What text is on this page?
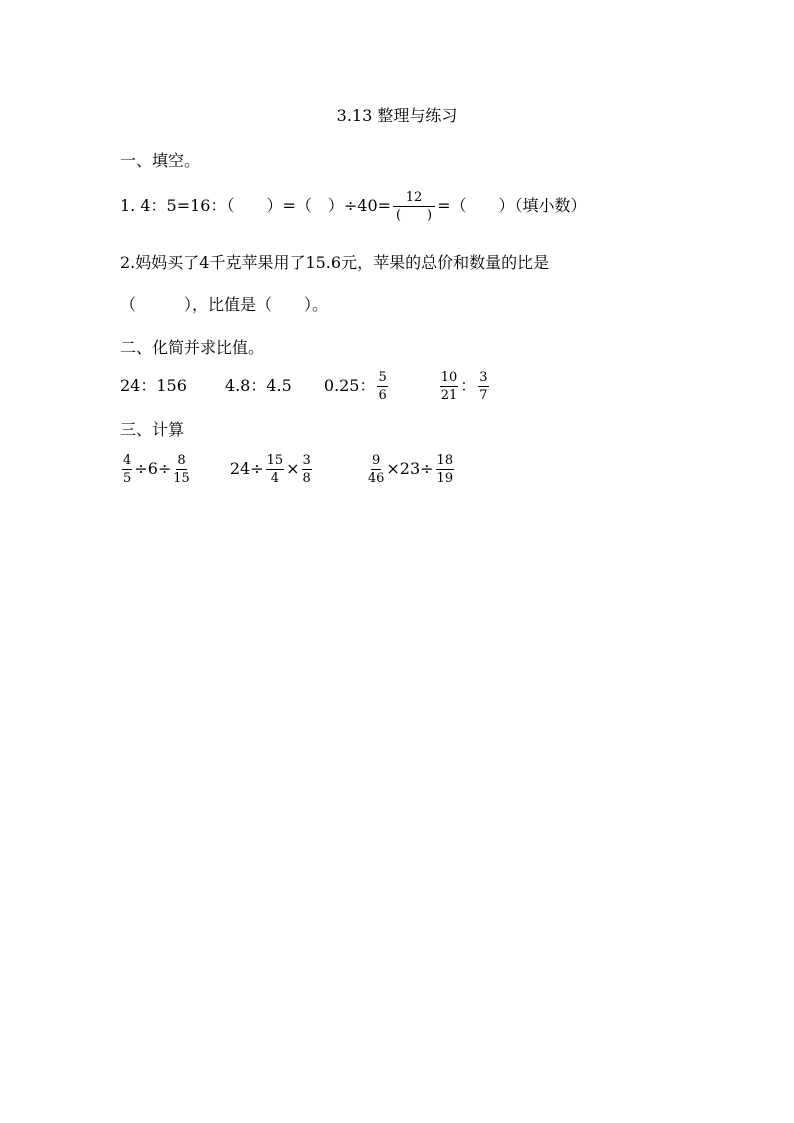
3.13 整理与练习
一、填空。
1. 4：5=16：（　　）=（　）$\div 40= \frac{12}{( )}$ =（　　）（填小数）
2.妈妈买了4千克苹果用了15.6元，苹果的总价和数量的比是
（　　　），比值是（　　）。
二、化简并求比值。
24：156 4.8：4.5 0.25： $\frac{5}{6}$	$\frac{10}{21}$ ： $\frac{3}{7}$
三、计算
$\frac{4}{5} \div 6\div \frac{8}{15}$	$24\div \frac{15}{4} \times \frac{3}{8}$	$\frac{9}{46} \times 23\div \frac{18}{19}$
